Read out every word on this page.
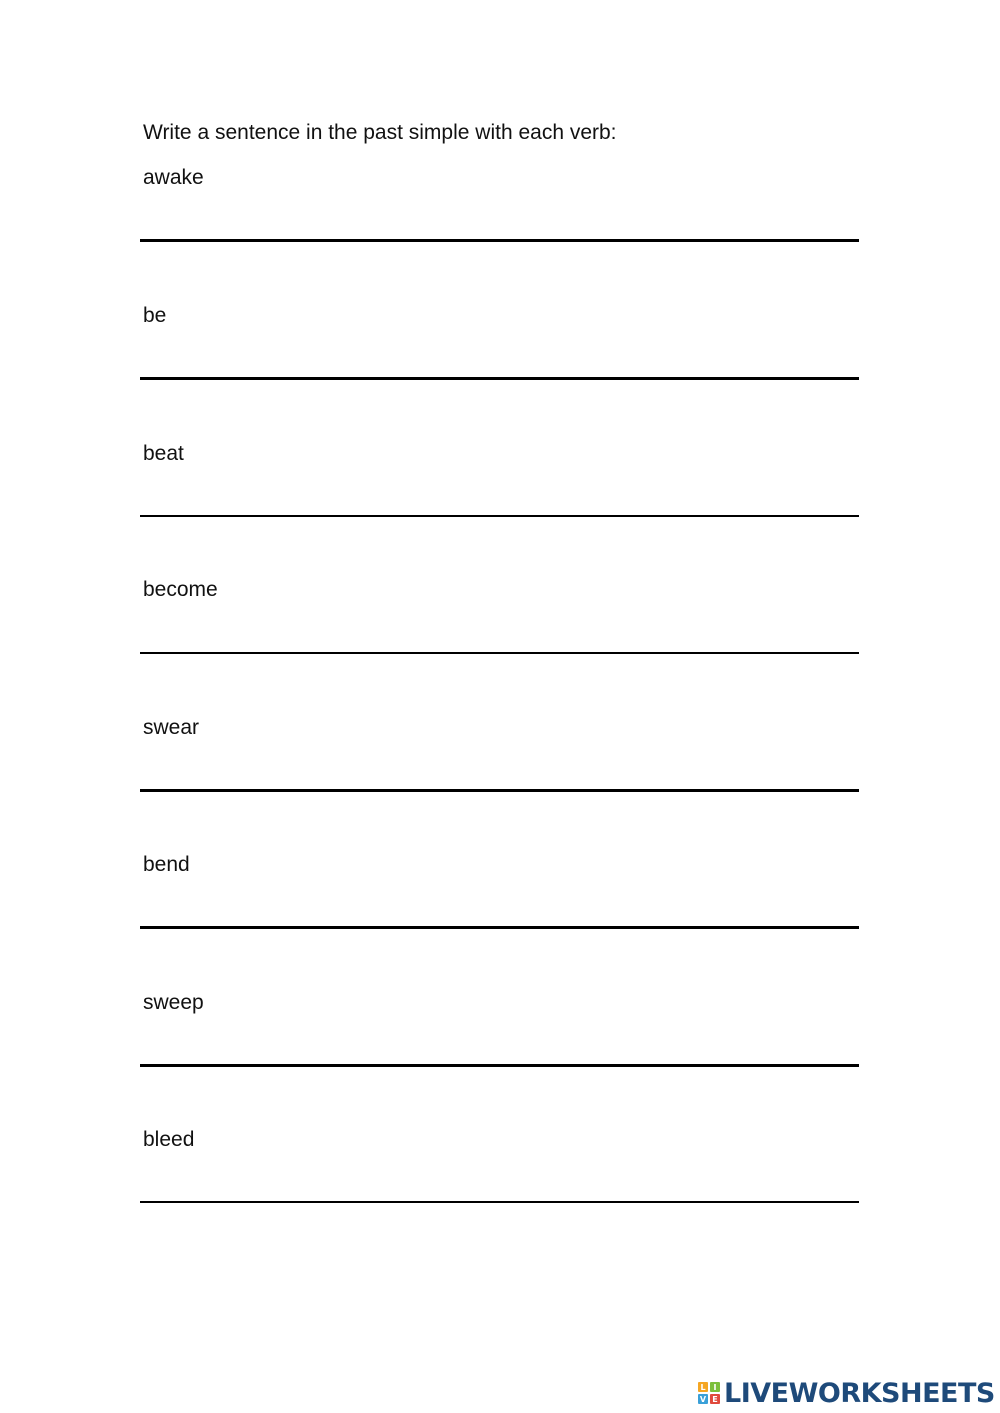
Write a sentence in the past simple with each verb:
awake
be
beat
become
swear
bend
sweep
bleed
L I
V E LIVEWORKSHEETS
